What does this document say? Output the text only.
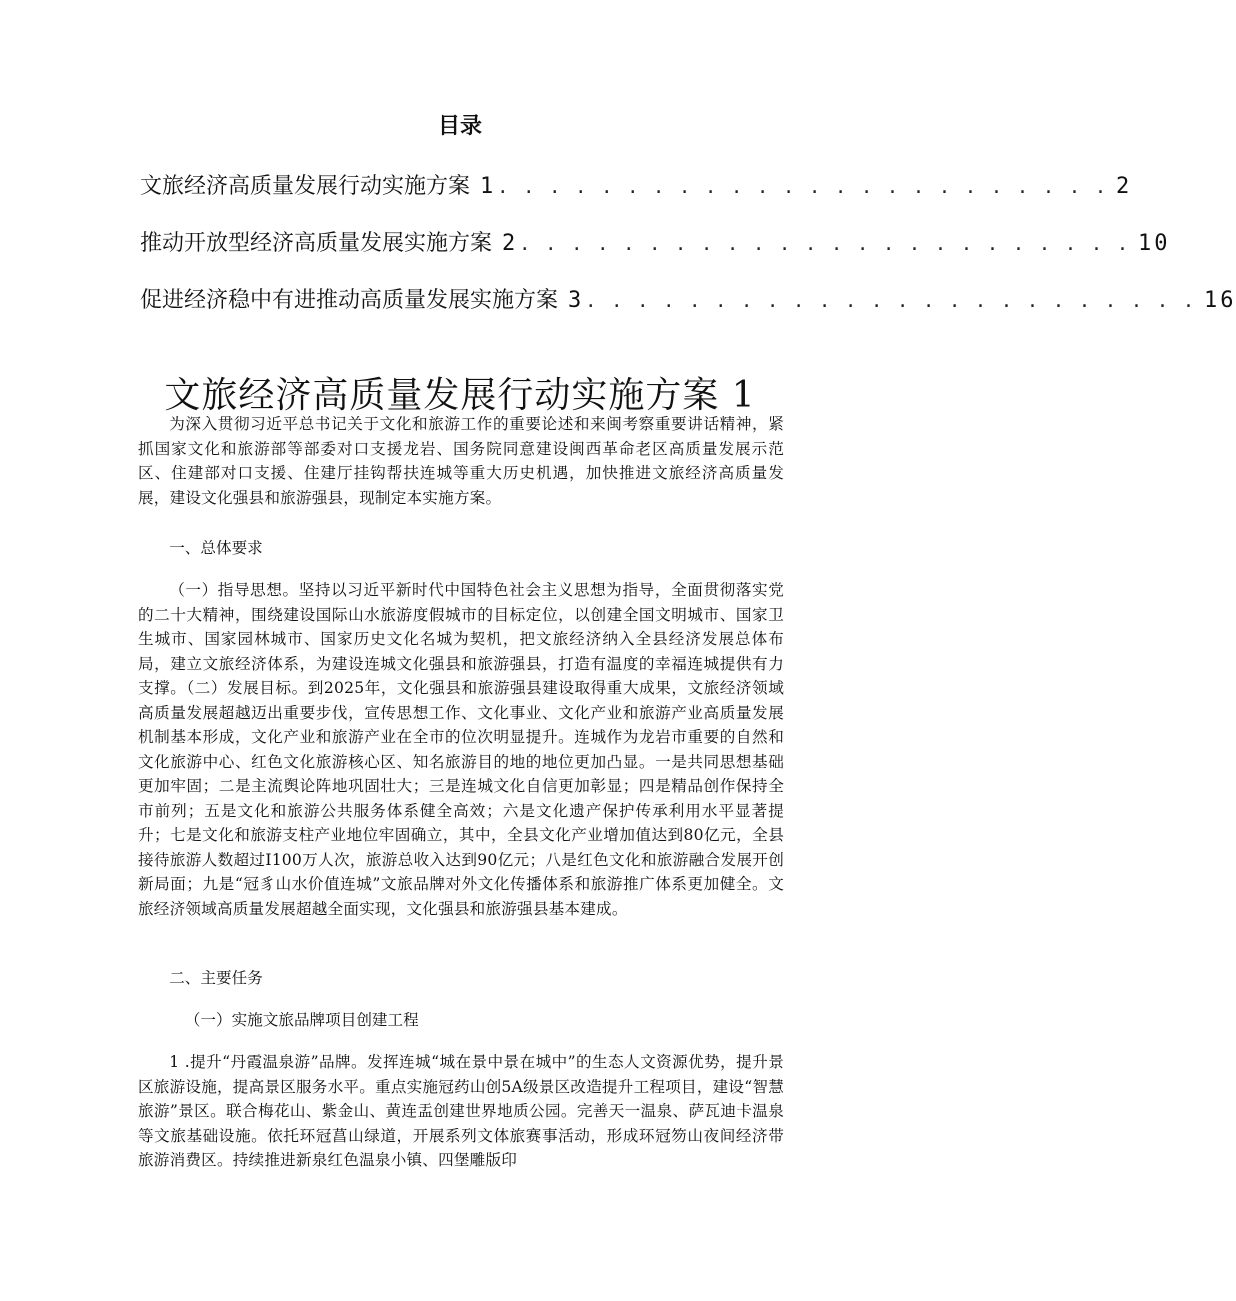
目录
文旅经济高质量发展行动实施方案 1 . . . . . . . . . . . . . . . . . . . . . . . . 2
推动开放型经济高质量发展实施方案 2 . . . . . . . . . . . . . . . . . . . . . . . . 10
促进经济稳中有进推动高质量发展实施方案 3 . . . . . . . . . . . . . . . . . . . . . . . . 16
文旅经济高质量发展行动实施方案 1

为深入贯彻习近平总书记关于文化和旅游工作的重要论述和来闽考察重要讲话精神，紧抓国家文化和旅游部等部委对口支援龙岩、国务院同意建设闽西革命老区高质量发展示范区、住建部对口支援、住建厅挂钩帮扶连城等重大历史机遇，加快推进文旅经济高质量发展，建设文化强县和旅游强县，现制定本实施方案。

一、总体要求

（一）指导思想。坚持以习近平新时代中国特色社会主义思想为指导，全面贯彻落实党的二十大精神，围绕建设国际山水旅游度假城市的目标定位，以创建全国文明城市、国家卫生城市、国家园林城市、国家历史文化名城为契机，把文旅经济纳入全县经济发展总体布局，建立文旅经济体系，为建设连城文化强县和旅游强县，打造有温度的幸福连城提供有力支撑。（二）发展目标。到2025年，文化强县和旅游强县建设取得重大成果，文旅经济领域高质量发展超越迈出重要步伐，宣传思想工作、文化事业、文化产业和旅游产业高质量发展机制基本形成，文化产业和旅游产业在全市的位次明显提升。连城作为龙岩市重要的自然和文化旅游中心、红色文化旅游核心区、知名旅游目的地的地位更加凸显。一是共同思想基础更加牢固；二是主流舆论阵地巩固壮大；三是连城文化自信更加彰显；四是精品创作保持全市前列；五是文化和旅游公共服务体系健全高效；六是文化遗产保护传承利用水平显著提升；七是文化和旅游支柱产业地位牢固确立，其中，全县文化产业增加值达到80亿元，全县接待旅游人数超过I100万人次，旅游总收入达到90亿元；八是红色文化和旅游融合发展开创新局面；九是“冠豸山水价值连城”文旅品牌对外文化传播体系和旅游推广体系更加健全。文旅经济领域高质量发展超越全面实现，文化强县和旅游强县基本建成。

二、主要任务

（一）实施文旅品牌项目创建工程

1 .提升“丹霞温泉游”品牌。发挥连城“城在景中景在城中”的生态人文资源优势，提升景区旅游设施，提高景区服务水平。重点实施冠药山创5A级景区改造提升工程项目，建设“智慧旅游”景区。联合梅花山、紫金山、黄连盂创建世界地质公园。完善天一温泉、萨瓦迪卡温泉等文旅基础设施。依托环冠菖山绿道，开展系列文体旅赛事活动，形成环冠笏山夜间经济带旅游消费区。持续推进新泉红色温泉小镇、四堡雕版印
